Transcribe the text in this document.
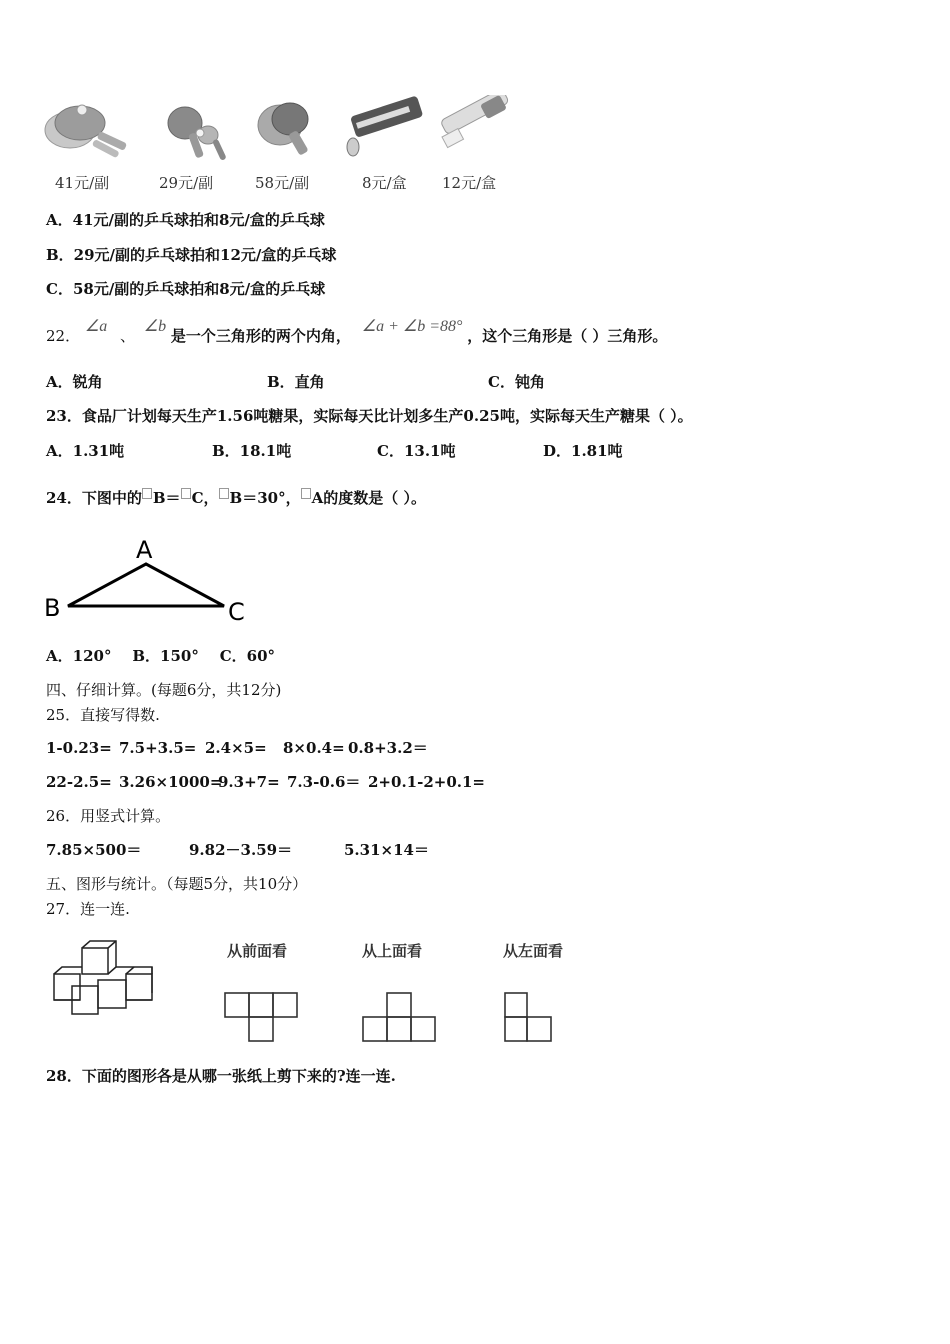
41元/副	29元/副	58元/副	8元/盒 12元/盒
A．41元/副的乒乓球拍和8元/盒的乒乓球
B．29元/副的乒乓球拍和12元/盒的乒乓球
C．58元/副的乒乓球拍和8元/盒的乒乓球
22． ∠a 、 ∠b 是一个三角形的两个内角， ∠a + ∠b =88° ，这个三角形是（ ）三角形。
A．锐角	B．直角	C．钝角
23．食品厂计划每天生产1.56吨糖果，实际每天比计划多生产0.25吨，实际每天生产糖果（ ）。
A．1.31吨	B．18.1吨	C．13.1吨	D．1.81吨
24．下图中的 B＝ C， B＝30°， A的度数是（ ）。
A
B	C
A．120°    B．150°    C．60°
四、仔细计算。(每题6分，共12分)
25．直接写得数.
1-0.23= 7.5+3.5= 2.4×5= 8×0.4= 0.8+3.2＝
22-2.5= 3.26×1000=
9.3+7= 7.3-0.6＝ 2+0.1-2+0.1=
26．用竖式计算。
7.85×500＝	9.82－3.59＝	5.31×14＝
五、图形与统计。（每题5分，共10分）
27．连一连.
从前面看	从上面看	从左面看
28．下面的图形各是从哪一张纸上剪下来的?连一连.
